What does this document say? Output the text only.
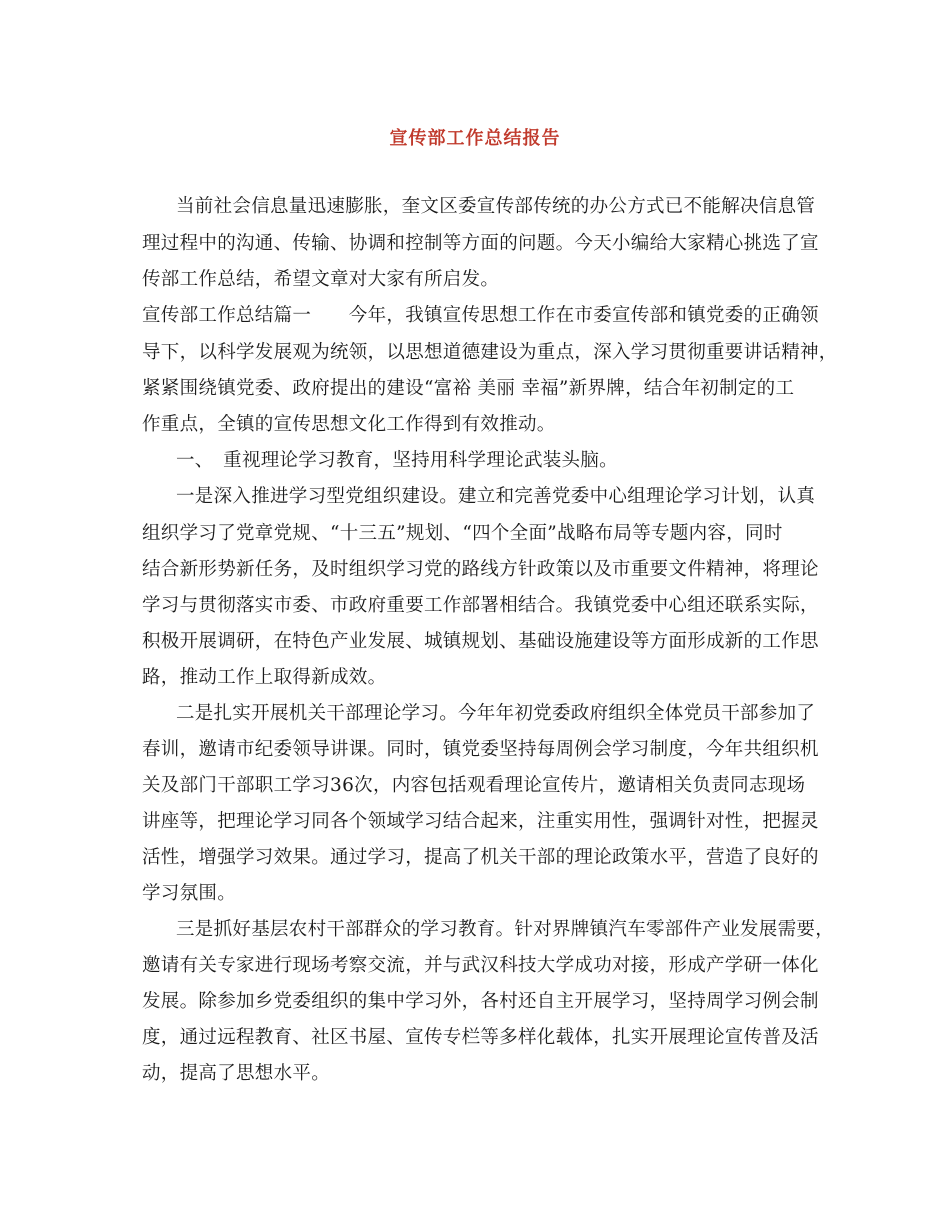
宣传部工作总结报告
当前社会信息量迅速膨胀，奎文区委宣传部传统的办公方式已不能解决信息管
理过程中的沟通、传输、协调和控制等方面的问题。今天小编给大家精心挑选了宣
传部工作总结，希望文章对大家有所启发。
宣传部工作总结篇一　　今年，我镇宣传思想工作在市委宣传部和镇党委的正确领
导下，以科学发展观为统领，以思想道德建设为重点，深入学习贯彻重要讲话精神，
紧紧围绕镇党委、政府提出的建设“富裕 美丽 幸福”新界牌，结合年初制定的工
作重点，全镇的宣传思想文化工作得到有效推动。
一、　重视理论学习教育，坚持用科学理论武装头脑。
一是深入推进学习型党组织建设。建立和完善党委中心组理论学习计划，认真
组织学习了党章党规、“十三五”规划、“四个全面”战略布局等专题内容，同时
结合新形势新任务，及时组织学习党的路线方针政策以及市重要文件精神，将理论
学习与贯彻落实市委、市政府重要工作部署相结合。我镇党委中心组还联系实际，
积极开展调研，在特色产业发展、城镇规划、基础设施建设等方面形成新的工作思
路，推动工作上取得新成效。
二是扎实开展机关干部理论学习。今年年初党委政府组织全体党员干部参加了
春训，邀请市纪委领导讲课。同时，镇党委坚持每周例会学习制度，今年共组织机
关及部门干部职工学习36次，内容包括观看理论宣传片，邀请相关负责同志现场
讲座等，把理论学习同各个领域学习结合起来，注重实用性，强调针对性，把握灵
活性，增强学习效果。通过学习，提高了机关干部的理论政策水平，营造了良好的
学习氛围。
三是抓好基层农村干部群众的学习教育。针对界牌镇汽车零部件产业发展需要，
邀请有关专家进行现场考察交流，并与武汉科技大学成功对接，形成产学研一体化
发展。除参加乡党委组织的集中学习外，各村还自主开展学习，坚持周学习例会制
度，通过远程教育、社区书屋、宣传专栏等多样化载体，扎实开展理论宣传普及活
动，提高了思想水平。
